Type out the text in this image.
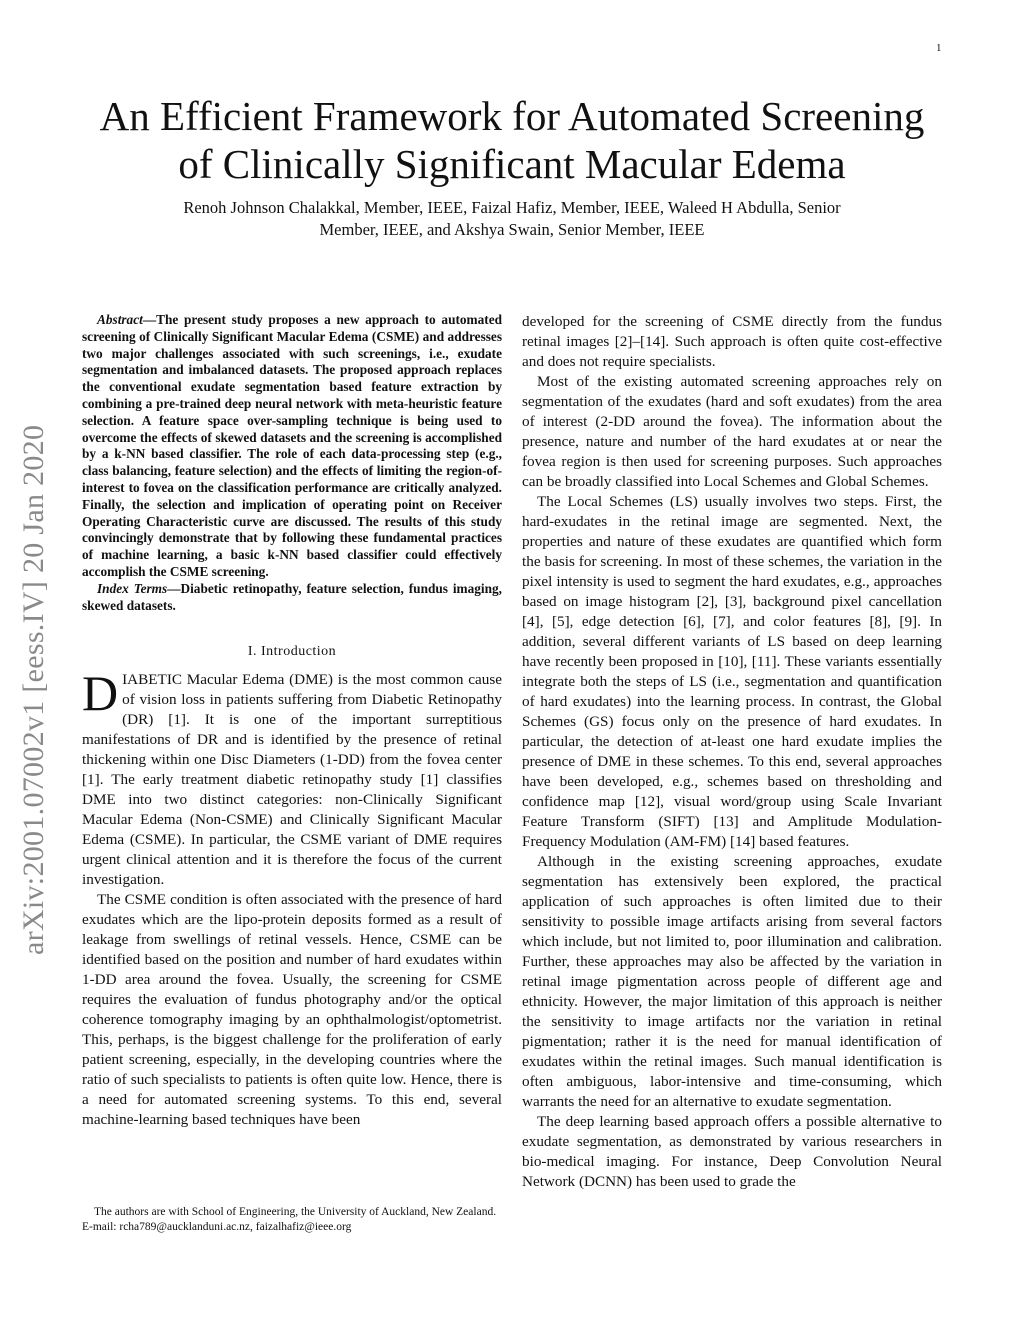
1
arXiv:2001.07002v1 [eess.IV] 20 Jan 2020
An Efficient Framework for Automated Screening of Clinically Significant Macular Edema
Renoh Johnson Chalakkal, Member, IEEE, Faizal Hafiz, Member, IEEE, Waleed H Abdulla, Senior
Member, IEEE, and Akshya Swain, Senior Member, IEEE

Abstract—The present study proposes a new approach to automated screening of Clinically Significant Macular Edema (CSME) and addresses two major challenges associated with such screenings, i.e., exudate segmentation and imbalanced datasets. The proposed approach replaces the conventional exudate segmentation based feature extraction by combining a pre-trained deep neural network with meta-heuristic feature selection. A feature space over-sampling technique is being used to overcome the effects of skewed datasets and the screening is accomplished by a k-NN based classifier. The role of each data-processing step (e.g., class balancing, feature selection) and the effects of limiting the region-of-interest to fovea on the classification performance are critically analyzed. Finally, the selection and implication of operating point on Receiver Operating Characteristic curve are discussed. The results of this study convincingly demonstrate that by following these fundamental practices of machine learning, a basic k-NN based classifier could effectively accomplish the CSME screening.

Index Terms—Diabetic retinopathy, feature selection, fundus imaging, skewed datasets.

I. Introduction

DIABETIC Macular Edema (DME) is the most common cause of vision loss in patients suffering from Diabetic Retinopathy (DR) [1]. It is one of the important surreptitious manifestations of DR and is identified by the presence of retinal thickening within one Disc Diameters (1-DD) from the fovea center [1]. The early treatment diabetic retinopathy study [1] classifies DME into two distinct categories: non-Clinically Significant Macular Edema (Non-CSME) and Clinically Significant Macular Edema (CSME). In particular, the CSME variant of DME requires urgent clinical attention and it is therefore the focus of the current investigation.

The CSME condition is often associated with the presence of hard exudates which are the lipo-protein deposits formed as a result of leakage from swellings of retinal vessels. Hence, CSME can be identified based on the position and number of hard exudates within 1-DD area around the fovea. Usually, the screening for CSME requires the evaluation of fundus photography and/or the optical coherence tomography imaging by an ophthalmologist/optometrist. This, perhaps, is the biggest challenge for the proliferation of early patient screening, especially, in the developing countries where the ratio of such specialists to patients is often quite low. Hence, there is a need for automated screening systems. To this end, several machine-learning based techniques have been

The authors are with School of Engineering, the University of Auckland, New Zealand. E-mail: rcha789@aucklanduni.ac.nz, faizalhafiz@ieee.org

developed for the screening of CSME directly from the fundus retinal images [2]–[14]. Such approach is often quite cost-effective and does not require specialists.

Most of the existing automated screening approaches rely on segmentation of the exudates (hard and soft exudates) from the area of interest (2-DD around the fovea). The information about the presence, nature and number of the hard exudates at or near the fovea region is then used for screening purposes. Such approaches can be broadly classified into Local Schemes and Global Schemes.

The Local Schemes (LS) usually involves two steps. First, the hard-exudates in the retinal image are segmented. Next, the properties and nature of these exudates are quantified which form the basis for screening. In most of these schemes, the variation in the pixel intensity is used to segment the hard exudates, e.g., approaches based on image histogram [2], [3], background pixel cancellation [4], [5], edge detection [6], [7], and color features [8], [9]. In addition, several different variants of LS based on deep learning have recently been proposed in [10], [11]. These variants essentially integrate both the steps of LS (i.e., segmentation and quantification of hard exudates) into the learning process. In contrast, the Global Schemes (GS) focus only on the presence of hard exudates. In particular, the detection of at-least one hard exudate implies the presence of DME in these schemes. To this end, several approaches have been developed, e.g., schemes based on thresholding and confidence map [12], visual word/group using Scale Invariant Feature Transform (SIFT) [13] and Amplitude Modulation-Frequency Modulation (AM-FM) [14] based features.

Although in the existing screening approaches, exudate segmentation has extensively been explored, the practical application of such approaches is often limited due to their sensitivity to possible image artifacts arising from several factors which include, but not limited to, poor illumination and calibration. Further, these approaches may also be affected by the variation in retinal image pigmentation across people of different age and ethnicity. However, the major limitation of this approach is neither the sensitivity to image artifacts nor the variation in retinal pigmentation; rather it is the need for manual identification of exudates within the retinal images. Such manual identification is often ambiguous, labor-intensive and time-consuming, which warrants the need for an alternative to exudate segmentation.

The deep learning based approach offers a possible alternative to exudate segmentation, as demonstrated by various researchers in bio-medical imaging. For instance, Deep Convolution Neural Network (DCNN) has been used to grade the
